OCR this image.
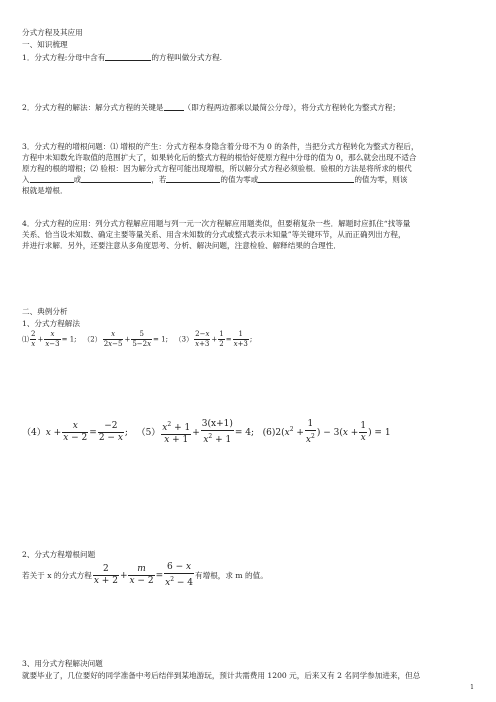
分式方程及其应用
一、知识梳理
1．分式方程:分母中含有	的方程叫做分式方程.
2．分式方程的解法：解分式方程的关键是	（即方程两边都乘以最简公分母），将分式方程转化为整式方程；
3．分式方程的增根问题：⑴ 增根的产生：分式方程本身隐含着分母不为 0 的条件，当把分式方程转化为整式方程后，
方程中未知数允许取值的范围扩大了，如果转化后的整式方程的根恰好使原方程中分母的值为 0，那么就会出现不适合
原方程的根的增根；⑵ 验根：因为解分式方程可能出现增根，所以解分式方程必须验根．验根的方法是将所求的根代
入	或	，若	的值为零或	的值为零，则该
根就是增根．
4．分式方程的应用：列分式方程解应用题与列一元一次方程解应用题类似，但要稍复杂一些．解题时应抓住“找等量
关系、恰当设未知数、确定主要等量关系、用含未知数的分式或整式表示未知量”等关键环节，从而正确列出方程，
并进行求解．另外，还要注意从多角度思考、分析、解决问题，注意检验、解释结果的合理性．
二、典例分析
1、分式方程解法
⑴ $\frac{2}{x} + \frac{x}{x-3} = 1$; $(2) \frac{x}{2x-5} + \frac{5}{5-2x} = 1$; $(3) \frac{2-x}{x+3} + \frac{1}{2} = \frac{1}{x+3}$ ;
$(4)x + \frac{x}{x - 2} = \frac{-2}{2 - x}$ ; $(5) \frac{x^2 + 1}{x + 1} + \frac{3(x+1)}{x^2 + 1} = 4$; $(6)2(x^2 + \frac{1}{x^2}$ ) − $3(x + \frac{1}{x}$ ) = 1
2、分式方程增根问题
若关于 x 的分式方程 $\frac{2}{x + 2} + \frac{m}{x - 2} = \frac{6 - x}{x^2 - 4}$ 有增根，求 m 的值。
3、用分式方程解决问题
就要毕业了，几位要好的同学准备中考后结伴到某地游玩，预计共需费用 1200 元，后来又有 2 名同学参加进来，但总
1
